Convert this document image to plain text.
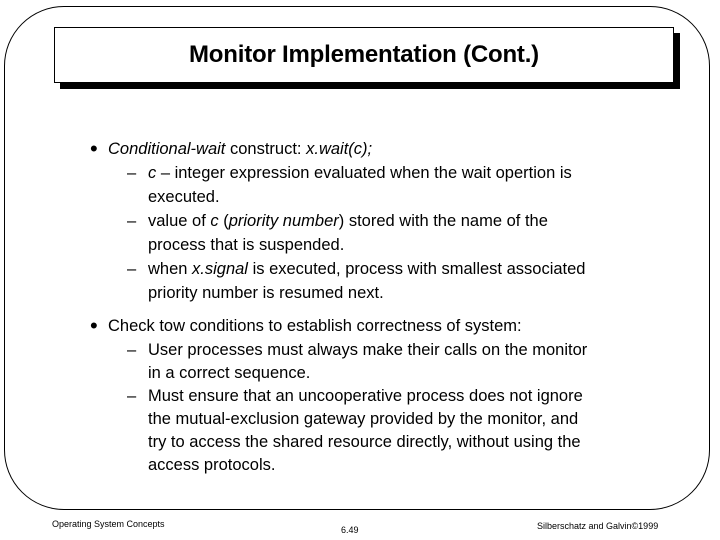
Monitor Implementation (Cont.)
• Conditional-wait construct: x.wait(c);
– c – integer expression evaluated when the wait opertion is
executed.
– value of c (priority number) stored with the name of the
process that is suspended.
– when x.signal is executed, process with smallest associated
priority number is resumed next.
• Check tow conditions to establish correctness of system:
– User processes must always make their calls on the monitor
in a correct sequence.
– Must ensure that an uncooperative process does not ignore
the mutual-exclusion gateway provided by the monitor, and
try to access the shared resource directly, without using the
access protocols.
Operating System Concepts
6.49	Silberschatz and Galvin©1999
